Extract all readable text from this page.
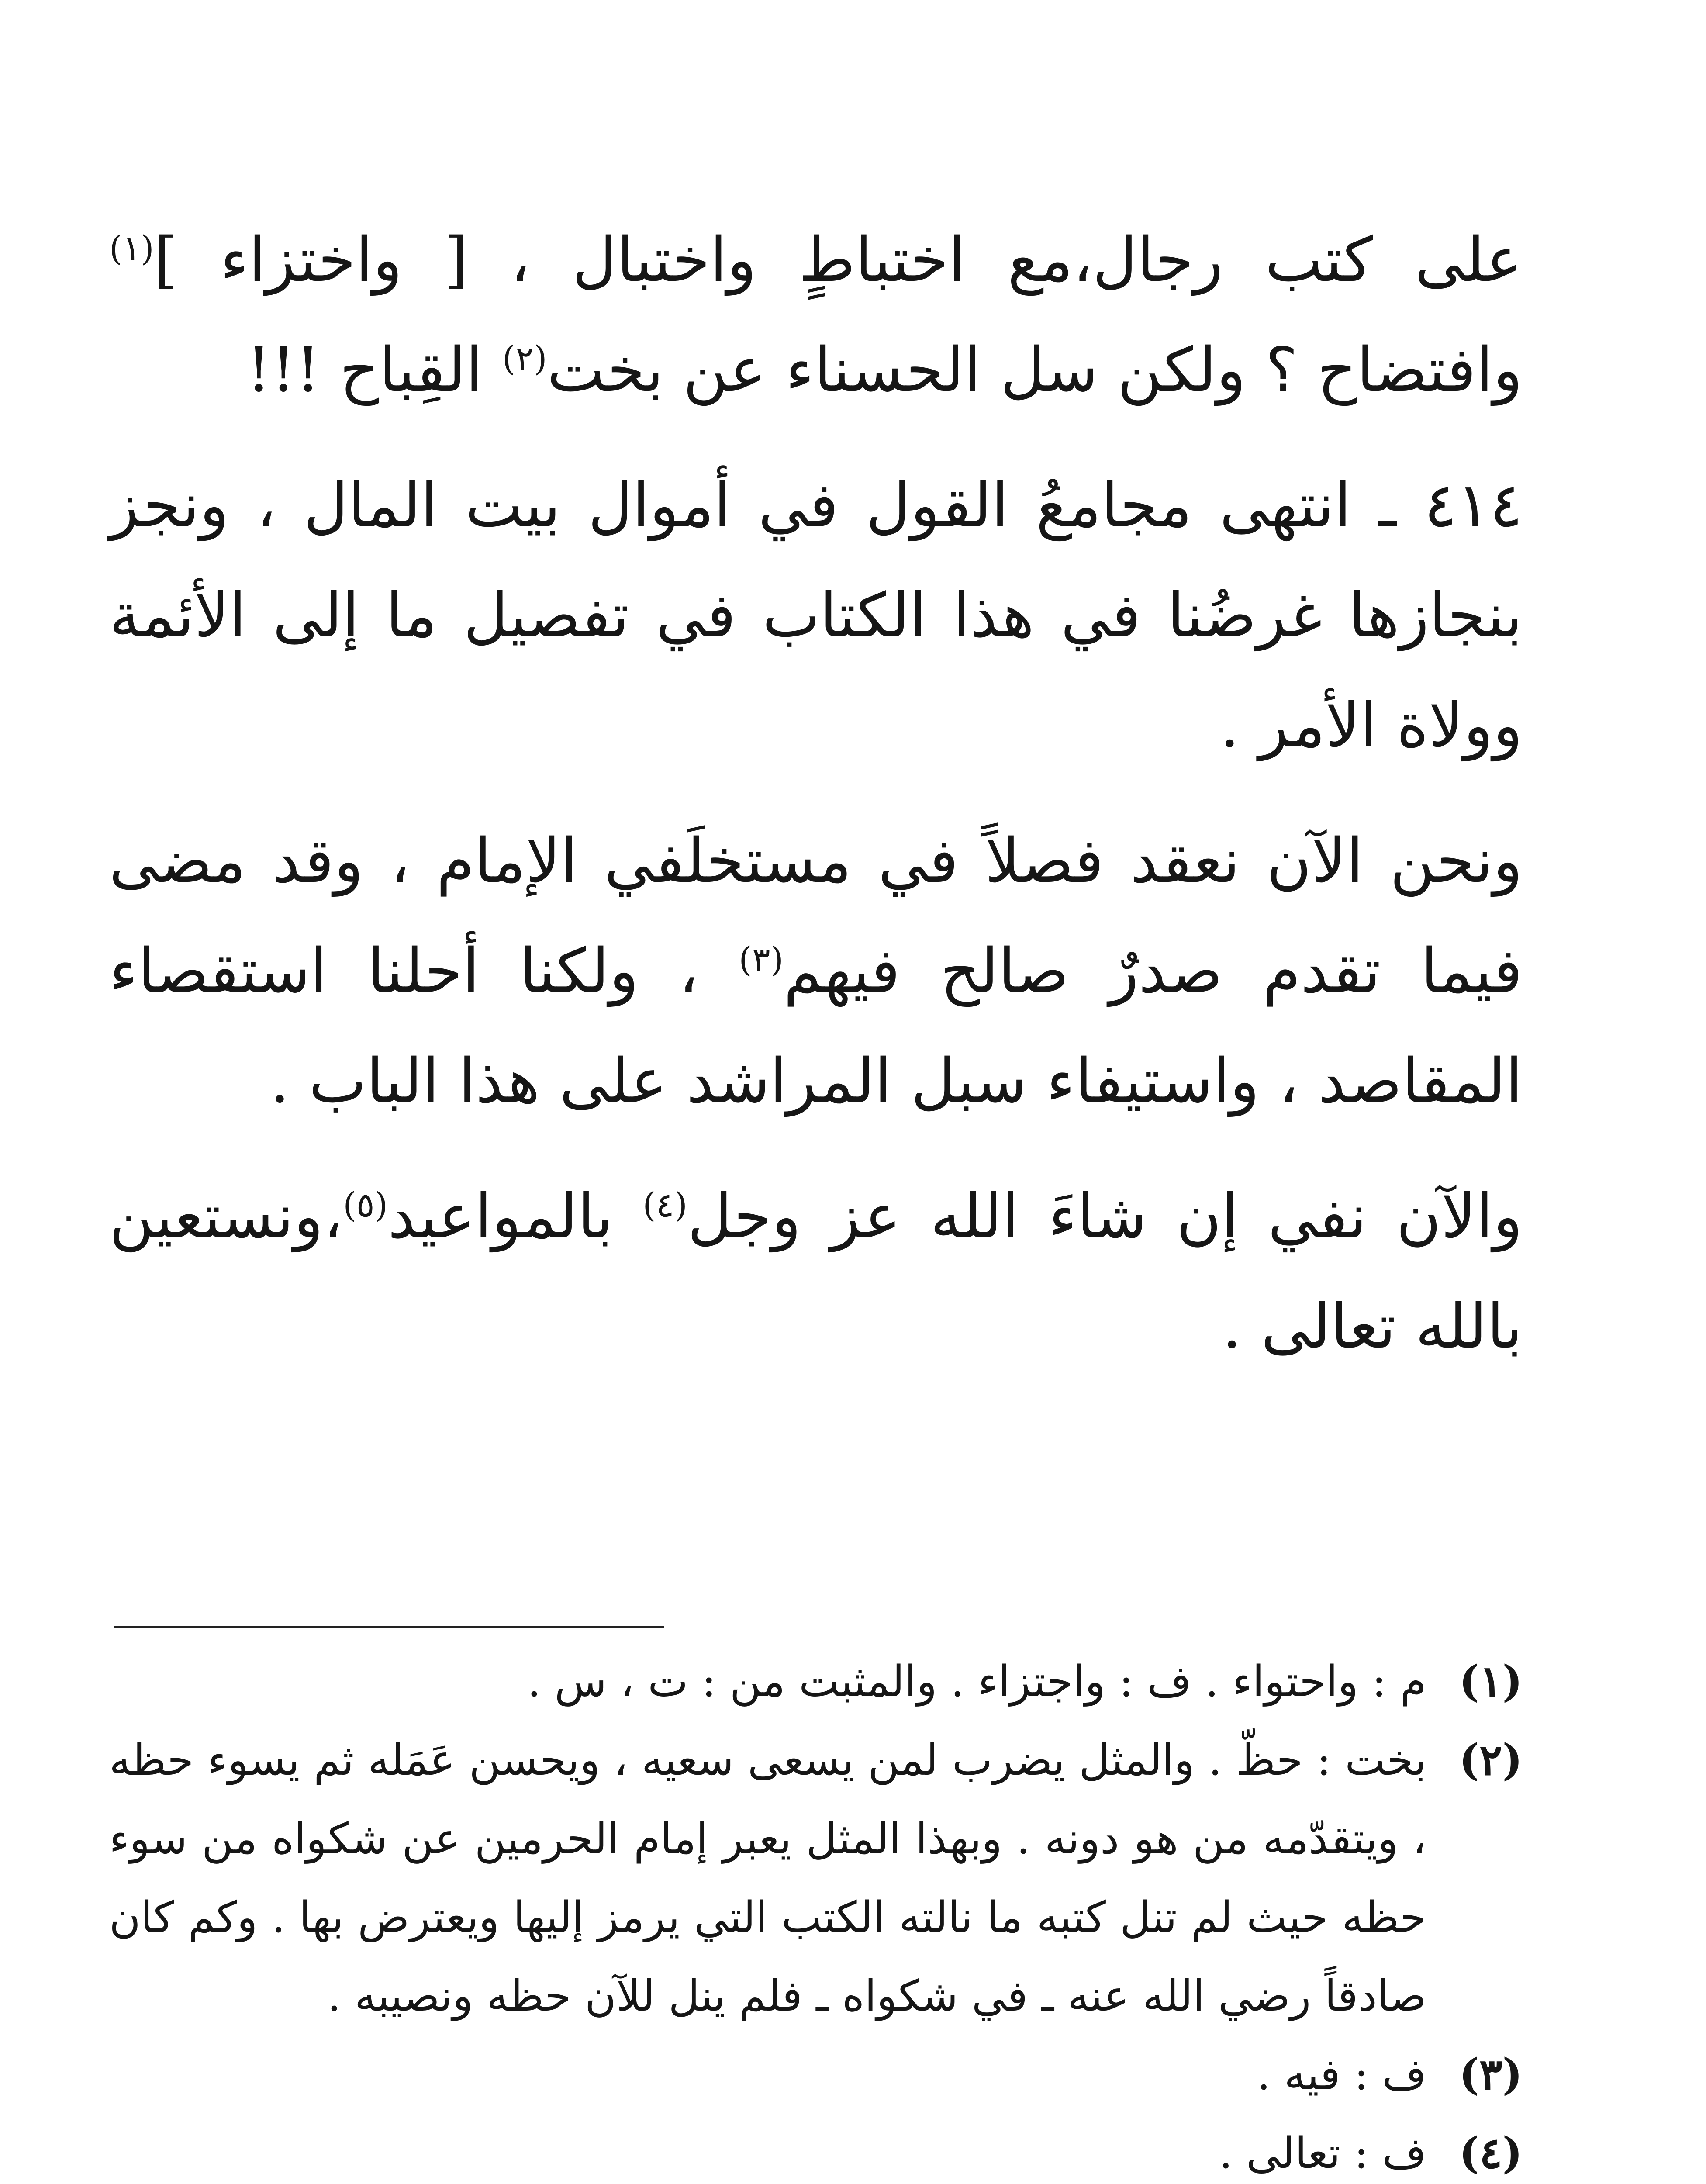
على كتب رجال،مع اختباطٍ واختبال ، [ واختزاء ]$^{(١)}$ وافتضاح ؟ ولكن سل الحسناء عن بخت$^{(٢)}$ القِباح !!!

٤١٤ ـ انتهى مجامعُ القول في أموال بيت المال ، ونجز بنجازها غرضُنا في هذا الكتاب في تفصيل ما إلى الأئمة وولاة الأمر .

ونحن الآن نعقد فصلاً في مستخلَفي الإمام ، وقد مضى فيما تقدم صدرٌ صالح فيهم$^{(٣)}$ ، ولكنا أحلنا استقصاء المقاصد ، واستيفاء سبل المراشد على هذا الباب .

والآن نفي إن شاءَ الله عز وجل$^{(٤)}$ بالمواعيد$^{(٥)}$،ونستعين بالله تعالى .

(١)
م : واحتواء . ف : واجتزاء . والمثبت من : ت ، س .
(٢)
بخت : حظّ . والمثل يضرب لمن يسعى سعيه ، ويحسن عَمَله ثم يسوء حظه ، ويتقدّمه من هو دونه . وبهذا المثل يعبر إمام الحرمين عن شكواه من سوء حظه حيث لم تنل كتبه ما نالته الكتب التي يرمز إليها ويعترض بها . وكم كان صادقاً رضي الله عنه ـ في شكواه ـ فلم ينل للآن حظه ونصيبه .
(٣)
ف : فيه .
(٤)
ف : تعالى .
